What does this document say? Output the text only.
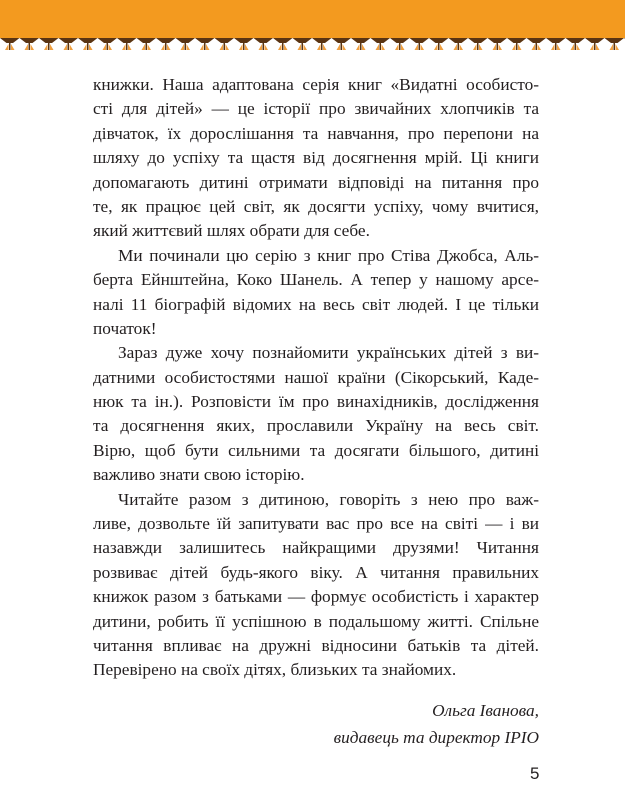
книжки. Наша адаптована серія книг «Видатні особисто-
сті для дітей» — це історії про звичайних хлопчиків та
дівчаток, їх дорослішання та навчання, про перепони на
шляху до успіху та щастя від досягнення мрій. Ці книги
допомагають дитині отримати відповіді на питання про
те, як працює цей світ, як досягти успіху, чому вчитися,
який життєвий шлях обрати для себе.
Ми починали цю серію з книг про Стіва Джобса, Аль-
берта Ейнштейна, Коко Шанель. А тепер у нашому арсе-
налі 11 біографій відомих на весь світ людей. І це тільки
початок!
Зараз дуже хочу познайомити українських дітей з ви-
датними особистостями нашої країни (Сікорський, Каде-
нюк та ін.). Розповісти їм про винахідників, дослідження
та досягнення яких, прославили Україну на весь світ.
Вірю, щоб бути сильними та досягати більшого, дитині
важливо знати свою історію.
Читайте разом з дитиною, говоріть з нею про важ-
ливе, дозвольте їй запитувати вас про все на світі — і ви
назавжди залишитесь найкращими друзями! Читання
розвиває дітей будь-якого віку. А читання правильних
книжок разом з батьками — формує особистість і характер
дитини, робить її успішною в подальшому житті. Спільне
читання впливає на дружні відносини батьків та дітей.
Перевірено на своїх дітях, близьких та знайомих.
Ольга Іванова,
видавець та директор ІРІО
5
